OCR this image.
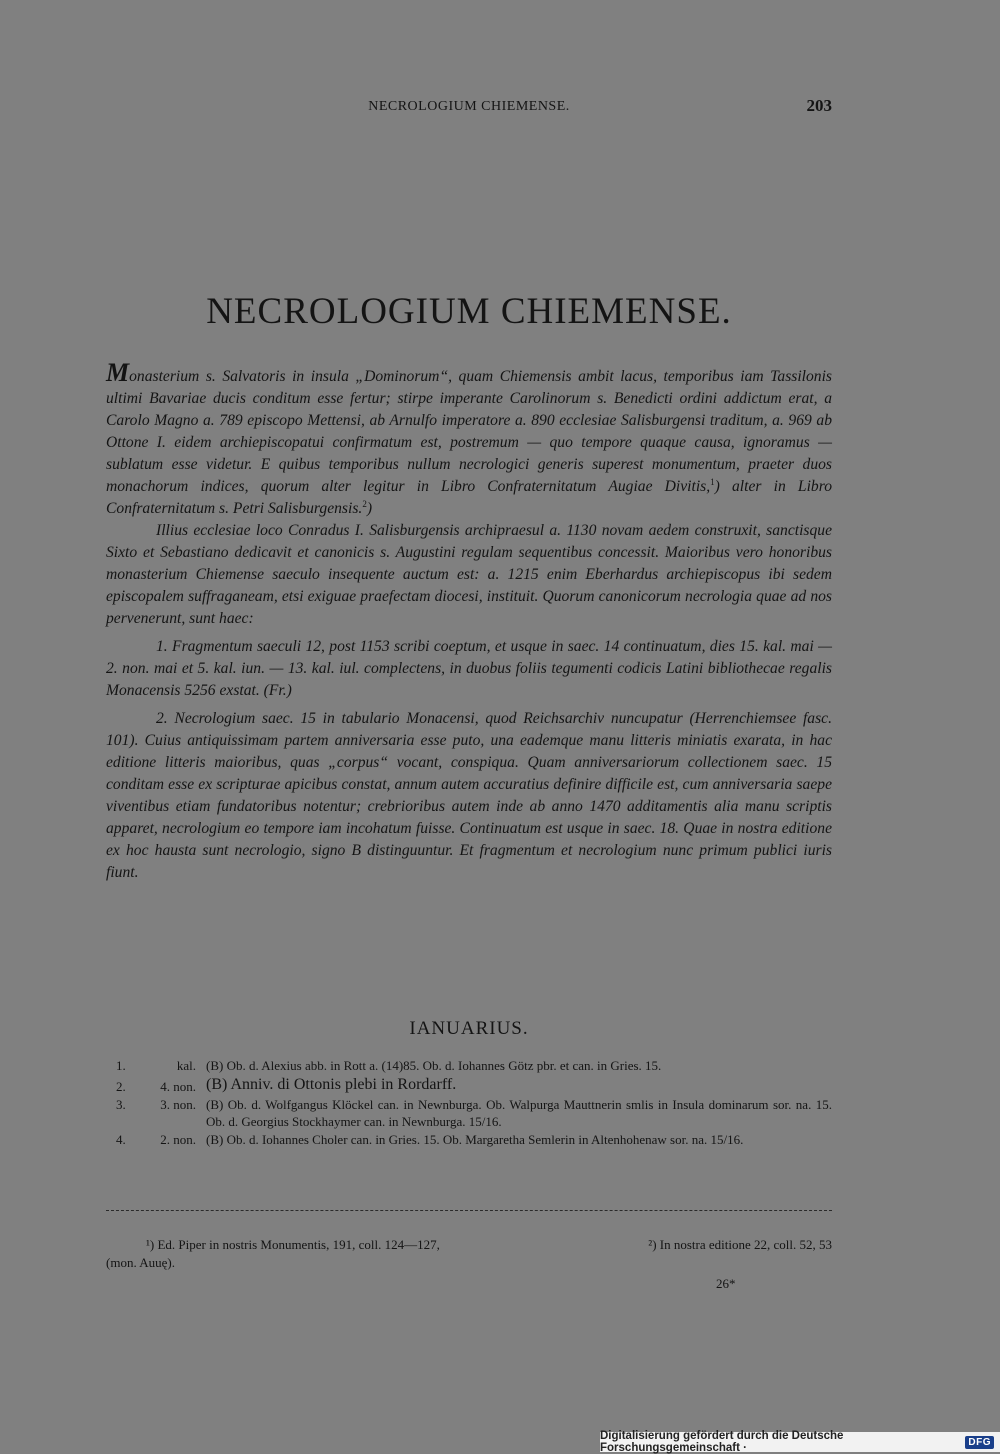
NECROLOGIUM CHIEMENSE.	203
NECROLOGIUM CHIEMENSE.

Monasterium s. Salvatoris in insula „Dominorum“, quam Chiemensis ambit lacus, temporibus iam Tassilonis ultimi Bavariae ducis conditum esse fertur; stirpe imperante Carolinorum s. Benedicti ordini addictum erat, a Carolo Magno a. 789 episcopo Mettensi, ab Arnulfo imperatore a. 890 ecclesiae Salisburgensi traditum, a. 969 ab Ottone I. eidem archiepiscopatui confirmatum est, postremum — quo tempore quaque causa, ignoramus — sublatum esse videtur. E quibus temporibus nullum necrologici generis superest monumentum, praeter duos monachorum indices, quorum alter legitur in Libro Confraternitatum Augiae Divitis,$^1$) alter in Libro Confraternitatum s. Petri Salisburgensis.$^2$)

Illius ecclesiae loco Conradus I. Salisburgensis archipraesul a. 1130 novam aedem construxit, sanctisque Sixto et Sebastiano dedicavit et canonicis s. Augustini regulam sequentibus concessit. Maioribus vero honoribus monasterium Chiemense saeculo insequente auctum est: a. 1215 enim Eberhardus archiepiscopus ibi sedem episcopalem suffraganeam, etsi exiguae praefectam diocesi, instituit. Quorum canonicorum necrologia quae ad nos pervenerunt, sunt haec:

1. Fragmentum saeculi 12, post 1153 scribi coeptum, et usque in saec. 14 continuatum, dies 15. kal. mai — 2. non. mai et 5. kal. iun. — 13. kal. iul. complectens, in duobus foliis tegumenti codicis Latini bibliothecae regalis Monacensis 5256 exstat. (Fr.)

2. Necrologium saec. 15 in tabulario Monacensi, quod Reichsarchiv nuncupatur (Herrenchiemsee fasc. 101). Cuius antiquissimam partem anniversaria esse puto, una eademque manu litteris miniatis exarata, in hac editione litteris maioribus, quas „corpus“ vocant, conspiqua. Quam anniversariorum collectionem saec. 15 conditam esse ex scripturae apicibus constat, annum autem accuratius definire difficile est, cum anniversaria saepe viventibus etiam fundatoribus notentur; crebrioribus autem inde ab anno 1470 additamentis alia manu scriptis apparet, necrologium eo tempore iam incohatum fuisse. Continuatum est usque in saec. 18. Quae in nostra editione ex hoc hausta sunt necrologio, signo B distinguuntur. Et fragmentum et necrologium nunc primum publici iuris fiunt.

IANUARIUS.
1.	kal. (B) Ob. d. Alexius abb. in Rott a. (14)85. Ob. d. Iohannes Götz pbr. et can. in Gries. 15.
2.	4. non. (B) Anniv. di Ottonis plebi in Rordarff.
3.	3. non. (B) Ob. d. Wolfgangus Klöckel can. in Newnburga. Ob. Walpurga Mauttnerin smlis in Insula dominarum sor. na. 15. Ob. d. Georgius Stockhaymer can. in Newnburga. 15/16.
4.	2. non. (B) Ob. d. Iohannes Choler can. in Gries. 15. Ob. Margaretha Semlerin in Altenhohenaw sor. na. 15/16.
¹) Ed. Piper in nostris Monumentis, 191, coll. 124—127,	²) In nostra editione 22, coll. 52, 53
(mon. Auuę).
26*
Digitalisierung gefördert durch die Deutsche Forschungsgemeinschaft ·	DFG
